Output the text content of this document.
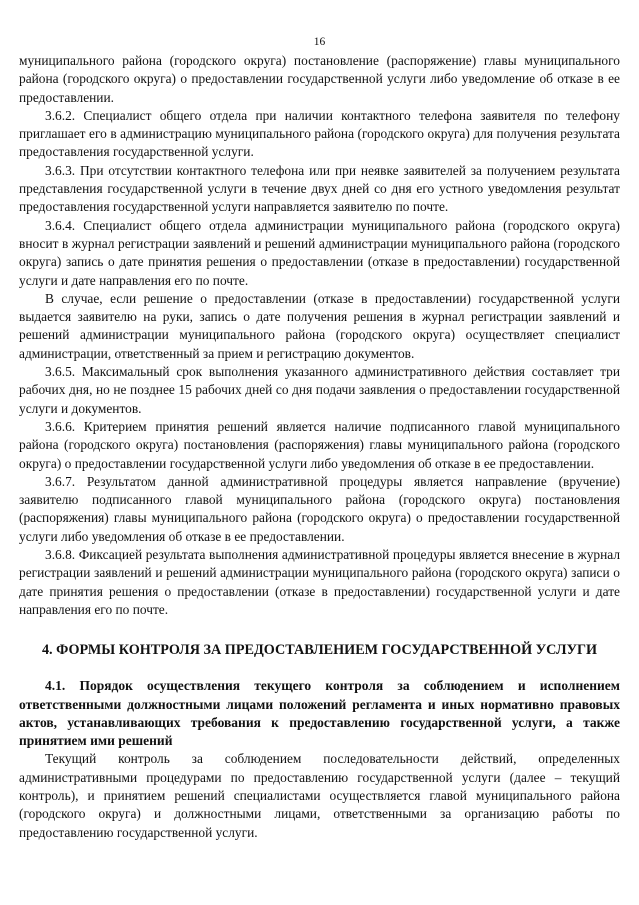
16

муниципального района (городского округа) постановление (распоряжение) главы муниципального района (городского округа) о предоставлении государственной услуги либо уведомление об отказе в ее предоставлении.

3.6.2. Специалист общего отдела при наличии контактного телефона заявителя по телефону приглашает его в администрацию муниципального района (городского округа) для получения результата предоставления государственной услуги.

3.6.3. При отсутствии контактного телефона или при неявке заявителей за получением результата представления государственной услуги в течение двух дней со дня его устного уведомления результат предоставления государственной услуги направляется заявителю по почте.

3.6.4. Специалист общего отдела администрации муниципального района (городского округа) вносит в журнал регистрации заявлений и решений администрации муниципального района (городского округа) запись о дате принятия решения о предоставлении (отказе в предоставлении) государственной услуги и дате направления его по почте.

В случае, если решение о предоставлении (отказе в предоставлении) государственной услуги выдается заявителю на руки, запись о дате получения решения в журнал регистрации заявлений и решений администрации муниципального района (городского округа) осуществляет специалист администрации, ответственный за прием и регистрацию документов.

3.6.5. Максимальный срок выполнения указанного административного действия составляет три рабочих дня, но не позднее 15 рабочих дней со дня подачи заявления о предоставлении государственной услуги и документов.

3.6.6. Критерием принятия решений является наличие подписанного главой муниципального района (городского округа) постановления (распоряжения) главы муниципального района (городского округа) о предоставлении государственной услуги либо уведомления об отказе в ее предоставлении.

3.6.7. Результатом данной административной процедуры является направление (вручение) заявителю подписанного главой муниципального района (городского округа) постановления (распоряжения) главы муниципального района (городского округа) о предоставлении государственной услуги либо уведомления об отказе в ее предоставлении.

3.6.8. Фиксацией результата выполнения административной процедуры является внесение в журнал регистрации заявлений и решений администрации муниципального района (городского округа) записи о дате принятия решения о предоставлении (отказе в предоставлении) государственной услуги и дате направления его по почте.

4. ФОРМЫ КОНТРОЛЯ ЗА ПРЕДОСТАВЛЕНИЕМ ГОСУДАРСТВЕННОЙ УСЛУГИ
4.1. Порядок осуществления текущего контроля за соблюдением и исполнением ответственными должностными лицами положений регламента и иных нормативно правовых актов, устанавливающих требования к предоставлению государственной услуги, а также принятием ими решений

Текущий контроль за соблюдением последовательности действий, определенных административными процедурами по предоставлению государственной услуги (далее – текущий контроль), и принятием решений специалистами осуществляется главой муниципального района (городского округа) и должностными лицами, ответственными за организацию работы по предоставлению государственной услуги.
